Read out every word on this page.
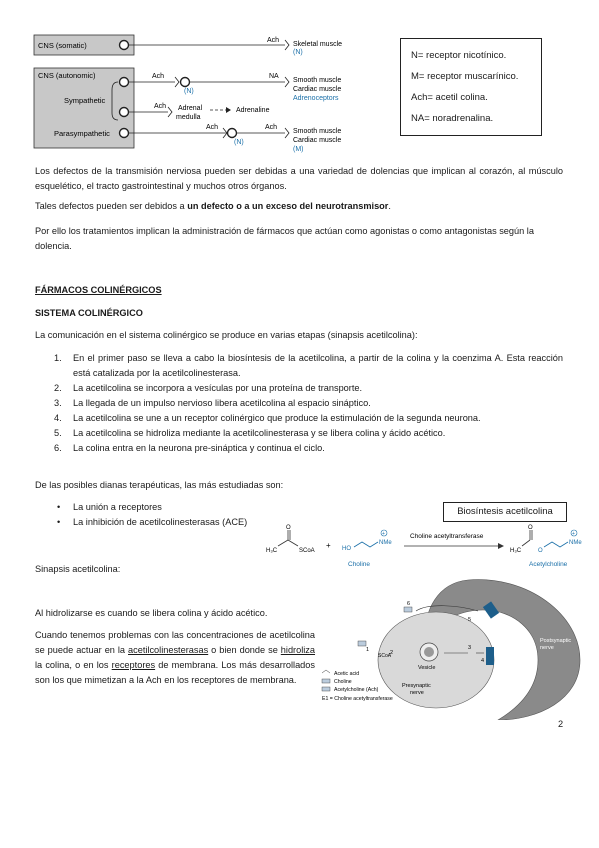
CNS (somatic)
Ach
Skeletal muscle
(N)
CNS (autonomic)
Sympathetic
Parasympathetic
Ach
(N)
NA
Smooth muscle
Cardiac muscle
Adrenoceptors
Ach Adrenal
medulla
Adrenaline
Ach
(N)
Ach
Smooth muscle
Cardiac muscle
(M)
N= receptor nicotínico.
M= receptor muscarínico.
Ach= acetil colina.
NA= noradrenalina.
Los defectos de la transmisión nerviosa pueden ser debidas a una variedad de dolencias que implican al corazón, al músculo esquelético, el tracto gastrointestinal y muchos otros órganos.
Tales defectos pueden ser debidos a un defecto o a un exceso del neurotransmisor.
Por ello los tratamientos implican la administración de fármacos que actúan como agonistas o como antagonistas según la dolencia.
FÁRMACOS COLINÉRGICOS
SISTEMA COLINÉRGICO
La comunicación en el sistema colinérgico se produce en varias etapas (sinapsis acetilcolina):
1. En el primer paso se lleva a cabo la biosíntesis de la acetilcolina, a partir de la colina y la coenzima A. Esta reacción está catalizada por la acetilcolinesterasa.
2. La acetilcolina se incorpora a vesículas por una proteína de transporte.
3. La llegada de un impulso nervioso libera acetilcolina al espacio sináptico.
4. La acetilcolina se une a un receptor colinérgico que produce la estimulación de la segunda neurona.
5. La acetilcolina se hidroliza mediante la acetilcolinesterasa y se libera colina y ácido acético.
6. La colina entra en la neurona pre-sináptica y continua el ciclo.
De las posibles dianas terapéuticas, las más estudiadas son:
• La unión a receptores
• La inhibición de acetilcolinesterasas (ACE)
Sinapsis acetilcolina:
Biosíntesis acetilcolina
O
H₃C	SCoA
+ HO
NMe
+
Choline
Choline acetyltransferase
H₃C
O
O
NMe
+
Acetylcholine
Al hidrolizarse es cuando se libera colina y ácido acético.
Cuando tenemos problemas con las concentraciones de acetilcolina se puede actuar en la acetilcolinesterasas o bien donde se hidroliza la colina, o en los receptores de membrana. Los más desarrollados son los que mimetizan a la Ach en los receptores de membrana.
Postsynaptic
nerve
Presynaptic
nerve
Vesicle
1	2
3
4
5
6
SCoA
Acetic acid
Choline
Acetylcholine (Ach)
E1 = Choline acetyltransferase
2
